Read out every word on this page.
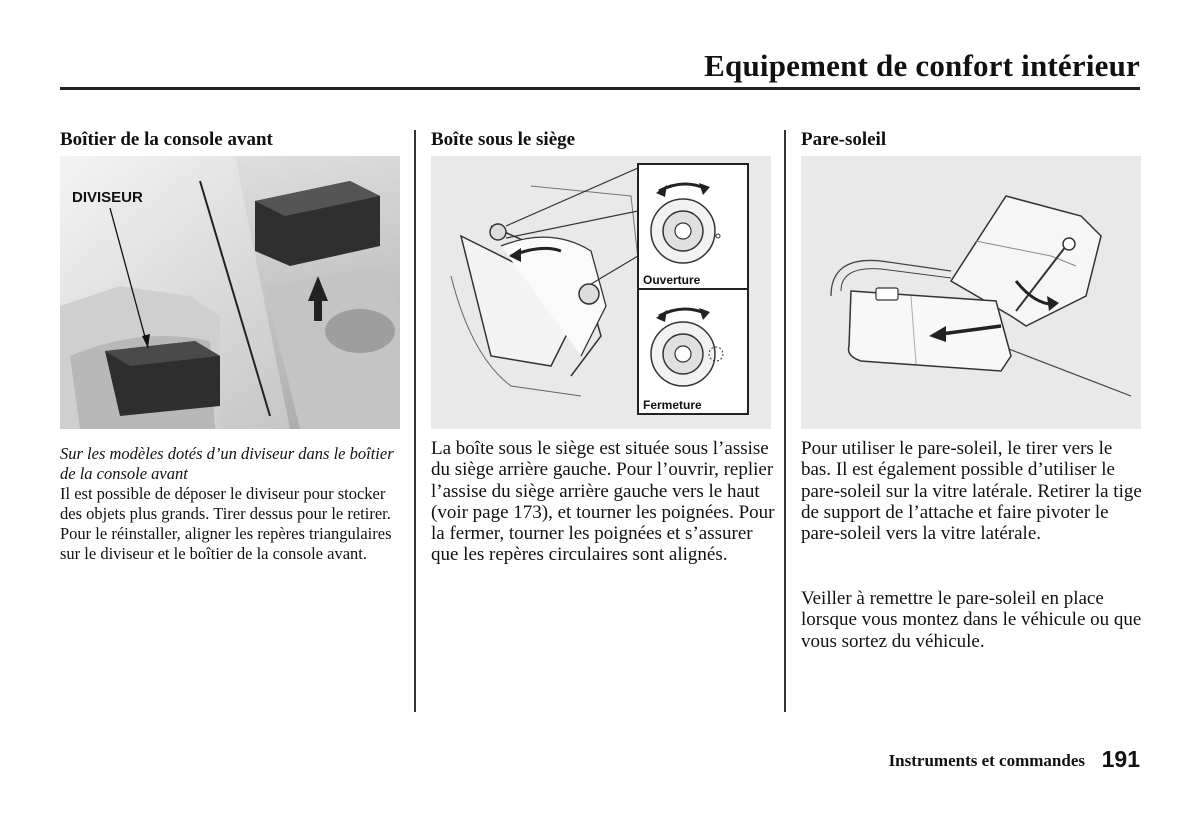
Equipement de confort intérieur
Boîtier de la console avant
DIVISEUR
Sur les modèles dotés d’un diviseur dans le boîtier de la console avant
Il est possible de déposer le diviseur pour stocker des objets plus grands. Tirer dessus pour le retirer. Pour le réinstaller, aligner les repères triangulaires sur le diviseur et le boîtier de la console avant.
Boîte sous le siège
Ouverture
Fermeture
La boîte sous le siège est située sous l’assise du siège arrière gauche. Pour l’ouvrir, replier l’assise du siège arrière gauche vers le haut (voir page 173), et tourner les poignées. Pour la fermer, tourner les poignées et s’assurer que les repères circulaires sont alignés.
Pare-soleil
Pour utiliser le pare-soleil, le tirer vers le bas. Il est également possible d’utiliser le pare-soleil sur la vitre latérale. Retirer la tige de support de l’attache et faire pivoter le pare-soleil vers la vitre latérale.
Veiller à remettre le pare-soleil en place lorsque vous montez dans le véhicule ou que vous sortez du véhicule.
Instruments et commandes 191
